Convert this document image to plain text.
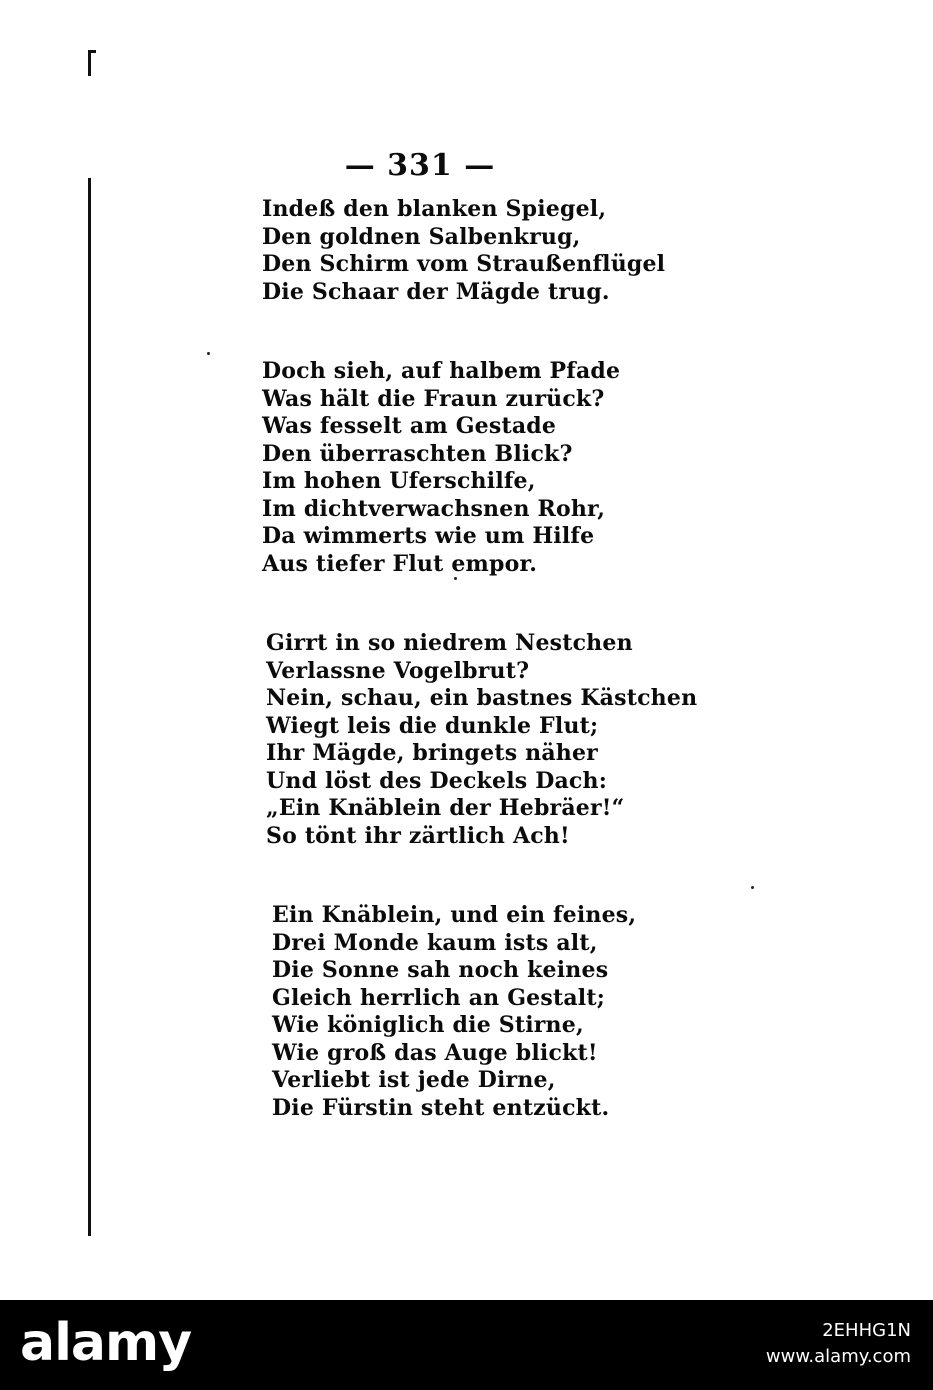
— 331 —
Indeß den blanken Spiegel,
Den goldnen Salbenkrug,
Den Schirm vom Straußenflügel
Die Schaar der Mägde trug.
Doch sieh, auf halbem Pfade
Was hält die Fraun zurück?
Was fesselt am Gestade
Den überraschten Blick?
Im hohen Uferschilfe,
Im dichtverwachsnen Rohr,
Da wimmerts wie um Hilfe
Aus tiefer Flut empor.
Girrt in so niedrem Nestchen
Verlassne Vogelbrut?
Nein, schau, ein bastnes Kästchen
Wiegt leis die dunkle Flut;
Ihr Mägde, bringets näher
Und löst des Deckels Dach:
„Ein Knäblein der Hebräer!“
So tönt ihr zärtlich Ach!
Ein Knäblein, und ein feines,
Drei Monde kaum ists alt,
Die Sonne sah noch keines
Gleich herrlich an Gestalt;
Wie königlich die Stirne,
Wie groß das Auge blickt!
Verliebt ist jede Dirne,
Die Fürstin steht entzückt.
alamy	2EHHG1N
www.alamy.com
